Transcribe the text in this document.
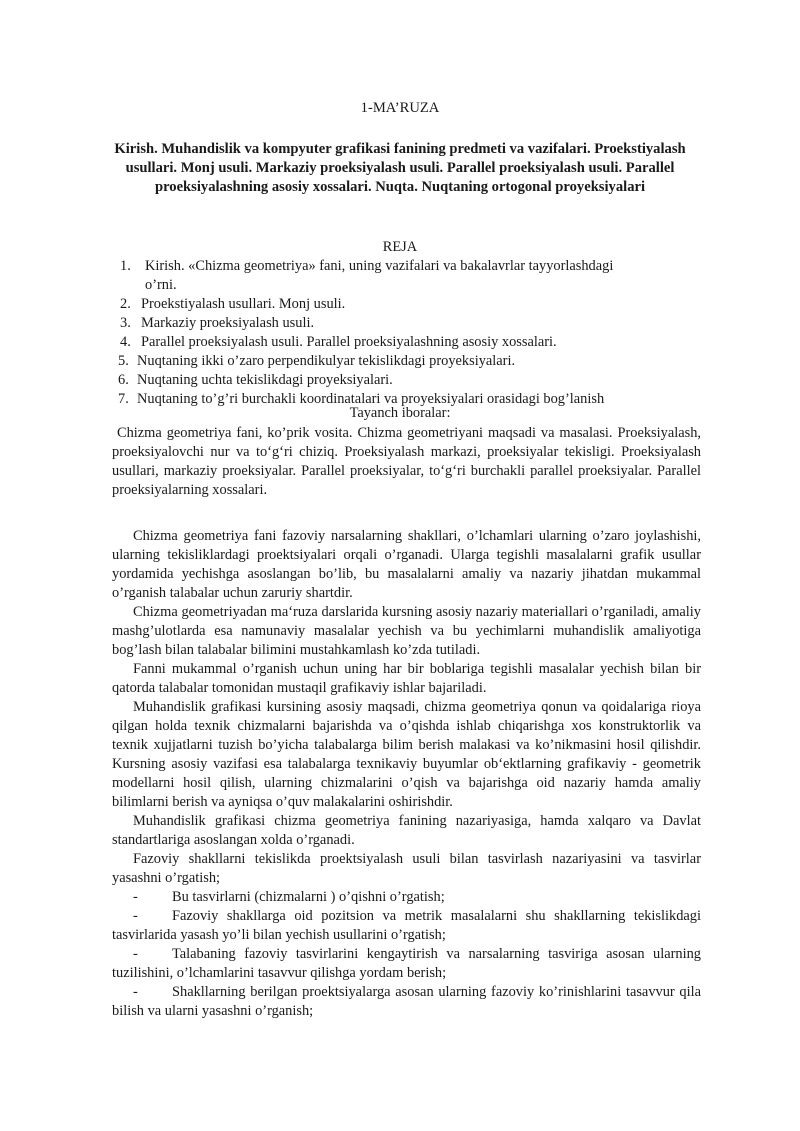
1-MA’RUZA
Kirish. Muhandislik va kompyuter grafikasi fanining predmeti va vazifalari. Proekstiyalash usullari. Monj usuli. Markaziy proeksiyalash usuli. Parallel proeksiyalash usuli. Parallel proeksiyalashning asosiy xossalari. Nuqta. Nuqtaning ortogonal proyeksiyalari
REJA
1. Kirish. «Chizma geometriya» fani, uning vazifalari va bakalavrlar tayyorlashdagi
o’rni.
2. Proekstiyalash usullari. Monj usuli.
3. Markaziy proeksiyalash usuli.
4. Parallel proeksiyalash usuli. Parallel proeksiyalashning asosiy xossalari.
5. Nuqtaning ikki o’zaro perpendikulyar tekislikdagi proyeksiyalari.
6. Nuqtaning uchta tekislikdagi proyeksiyalari.
7. Nuqtaning to’g’ri burchakli koordinatalari va proyeksiyalari orasidagi bog’lanish
Tayanch iboralar:
Chizma geometriya fani, ko’prik vosita. Chizma geometriyani maqsadi va masalasi. Proeksiyalash, proeksiyalovchi nur va to‘g‘ri chiziq. Proeksiyalash markazi, proeksiyalar tekisligi. Proeksiyalash usullari, markaziy proeksiyalar. Parallel proeksiyalar, to‘g‘ri burchakli parallel proeksiyalar. Parallel proeksiyalarning xossalari.

Chizma geometriya fani fazoviy narsalarning shakllari, o’lchamlari ularning o’zaro joylashishi, ularning tekisliklardagi proektsiyalari orqali o’rganadi. Ularga tegishli masalalarni grafik usullar yordamida yechishga asoslangan bo’lib, bu masalalarni amaliy va nazariy jihatdan mukammal o’rganish talabalar uchun zaruriy shartdir.

Chizma geometriyadan ma‘ruza darslarida kursning asosiy nazariy materiallari o’rganiladi, amaliy mashg’ulotlarda esa namunaviy masalalar yechish va bu yechimlarni muhandislik amaliyotiga bog’lash bilan talabalar bilimini mustahkamlash ko’zda tutiladi.

Fanni mukammal o’rganish uchun uning har bir boblariga tegishli masalalar yechish bilan bir qatorda talabalar tomonidan mustaqil grafikaviy ishlar bajariladi.

Muhandislik grafikasi kursining asosiy maqsadi, chizma geometriya qonun va qoidalariga rioya qilgan holda texnik chizmalarni bajarishda va o’qishda ishlab chiqarishga xos konstruktorlik va texnik xujjatlarni tuzish bo’yicha talabalarga bilim berish malakasi va ko’nikmasini hosil qilishdir. Kursning asosiy vazifasi esa talabalarga texnikaviy buyumlar ob‘ektlarning grafikaviy - geometrik modellarni hosil qilish, ularning chizmalarini o’qish va bajarishga oid nazariy hamda amaliy bilimlarni berish va ayniqsa o’quv malakalarini oshirishdir.

Muhandislik grafikasi chizma geometriya fanining nazariyasiga, hamda xalqaro va Davlat standartlariga asoslangan xolda o’rganadi.

Fazoviy shakllarni tekislikda proektsiyalash usuli bilan tasvirlash nazariyasini va tasvirlar yasashni o’rgatish;

- Bu tasvirlarni (chizmalarni ) o’qishni o’rgatish;

- Fazoviy shakllarga oid pozitsion va metrik masalalarni shu shakllarning tekislikdagi tasvirlarida yasash yo’li bilan yechish usullarini o’rgatish;

- Talabaning fazoviy tasvirlarini kengaytirish va narsalarning tasviriga asosan ularning tuzilishini, o’lchamlarini tasavvur qilishga yordam berish;

- Shakllarning berilgan proektsiyalarga asosan ularning fazoviy ko’rinishlarini tasavvur qila bilish va ularni yasashni o’rganish;
